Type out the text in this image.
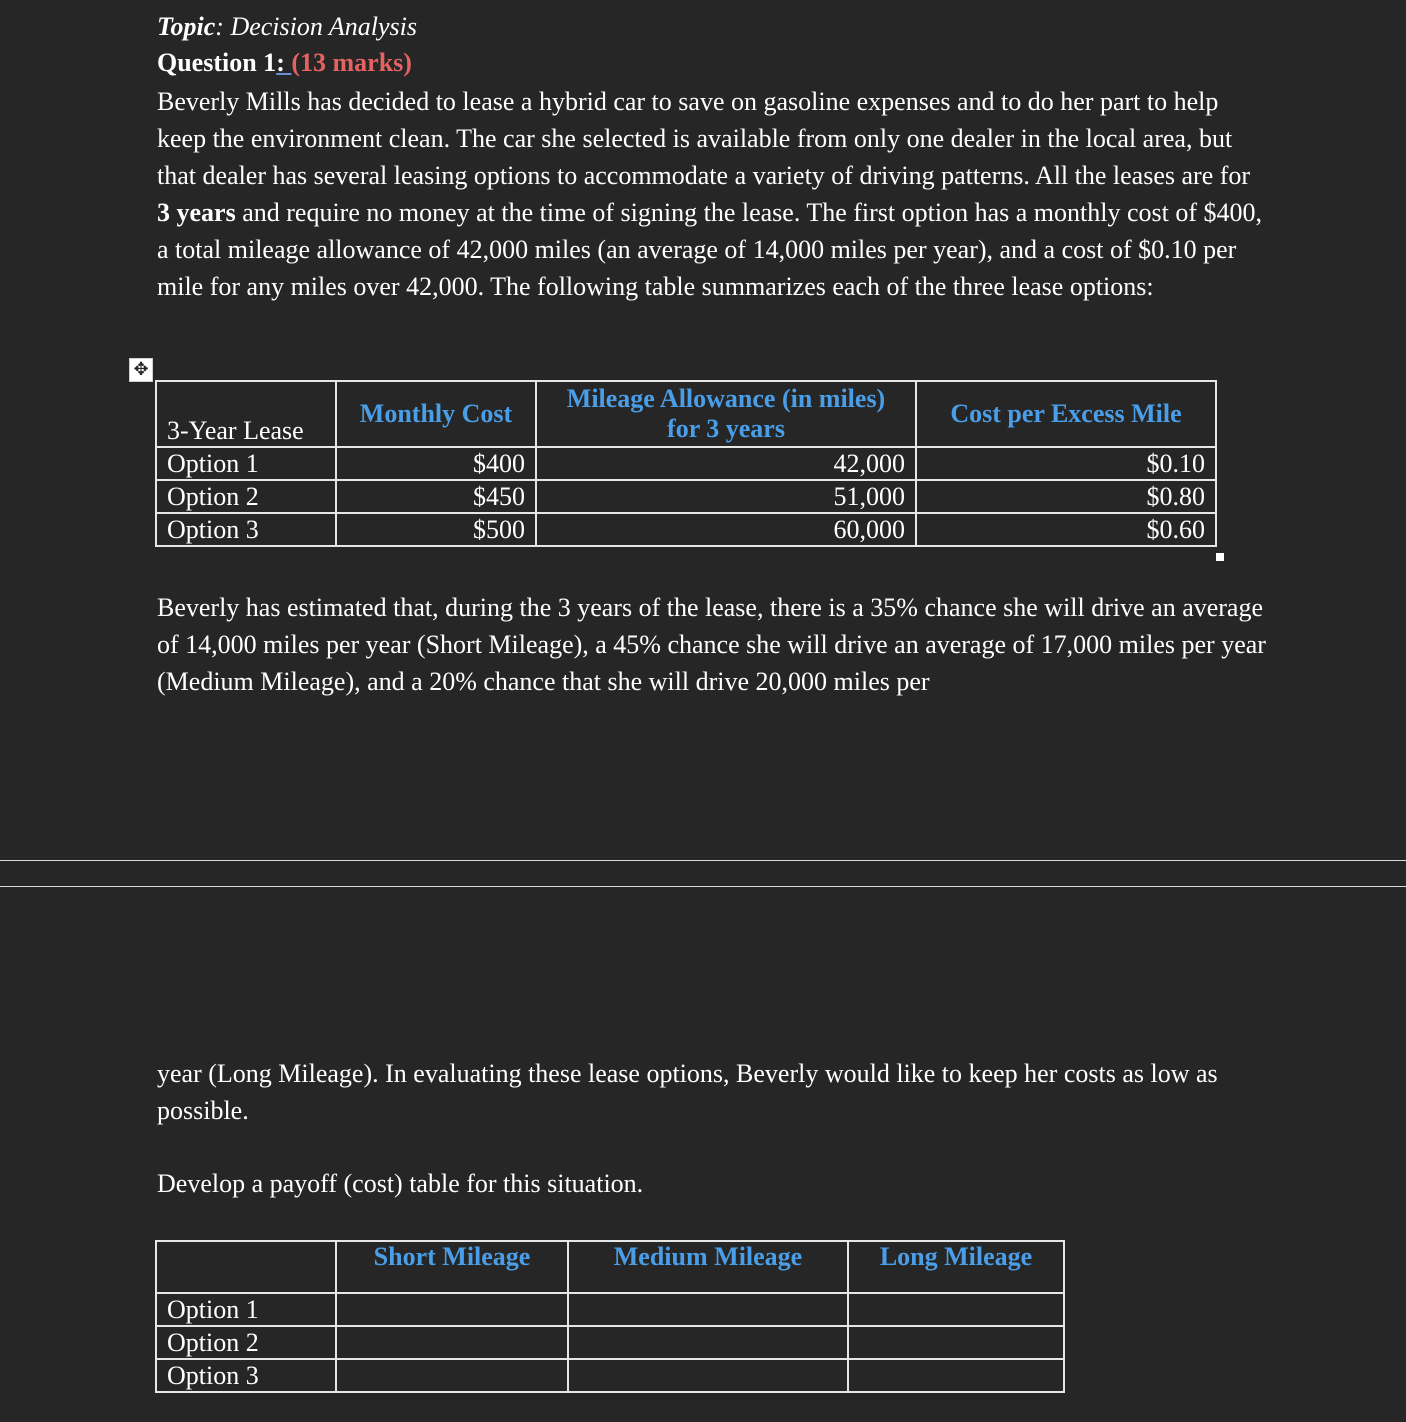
Topic: Decision Analysis
Question 1: (13 marks)
Beverly Mills has decided to lease a hybrid car to save on gasoline expenses and to do her part to help keep the environment clean. The car she selected is available from only one dealer in the local area, but that dealer has several leasing options to accommodate a variety of driving patterns. All the leases are for 3 years and require no money at the time of signing the lease. The first option has a monthly cost of $400, a total mileage allowance of 42,000 miles (an average of 14,000 miles per year), and a cost of $0.10 per mile for any miles over 42,000. The following table summarizes each of the three lease options:
✥
3-Year Lease	Monthly Cost	Mileage Allowance (in miles) for 3 years	Cost per Excess Mile
Option 1	$400	42,000	$0.10
Option 2	$450	51,000	$0.80
Option 3	$500	60,000	$0.60
Beverly has estimated that, during the 3 years of the lease, there is a 35% chance she will drive an average of 14,000 miles per year (Short Mileage), a 45% chance she will drive an average of 17,000 miles per year (Medium Mileage), and a 20% chance that she will drive 20,000 miles per
year (Long Mileage). In evaluating these lease options, Beverly would like to keep her costs as low as possible.
Develop a payoff (cost) table for this situation.
	Short Mileage	Medium Mileage	Long Mileage
Option 1			
Option 2			
Option 3			
